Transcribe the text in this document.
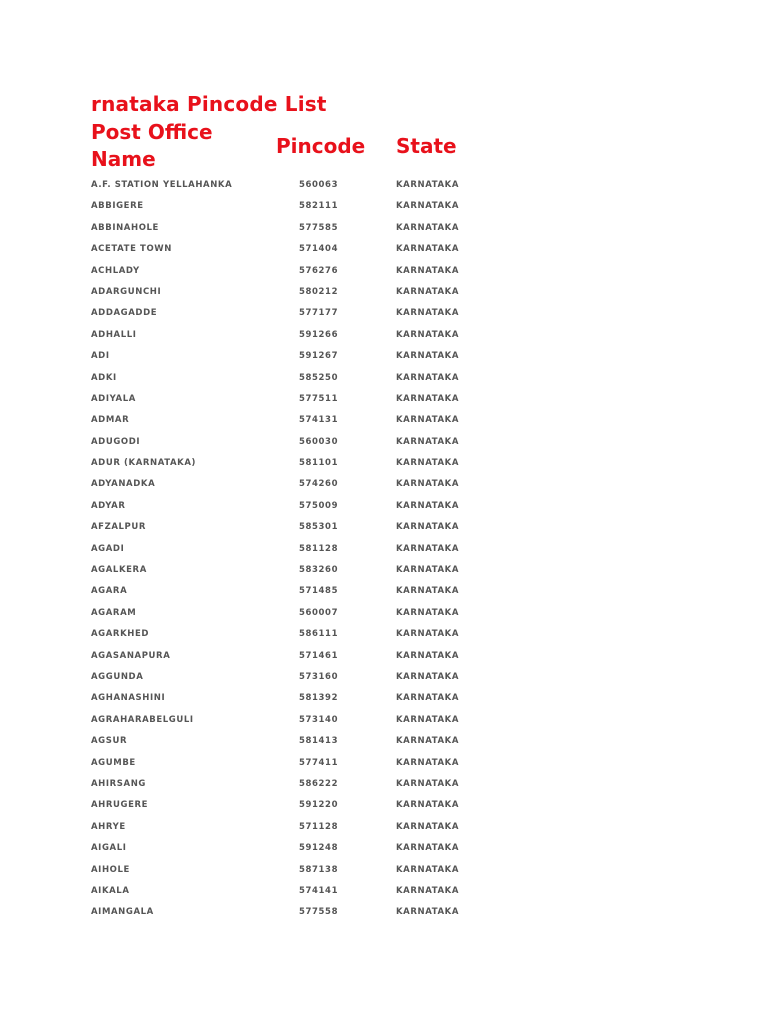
rnataka Pincode List
Post Office Name
Pincode State
A.F. STATION YELLAHANKA	560063	KARNATAKA
ABBIGERE	582111	KARNATAKA
ABBINAHOLE	577585	KARNATAKA
ACETATE TOWN	571404	KARNATAKA
ACHLADY	576276	KARNATAKA
ADARGUNCHI	580212	KARNATAKA
ADDAGADDE	577177	KARNATAKA
ADHALLI	591266	KARNATAKA
ADI	591267	KARNATAKA
ADKI	585250	KARNATAKA
ADIYALA	577511	KARNATAKA
ADMAR	574131	KARNATAKA
ADUGODI	560030	KARNATAKA
ADUR (KARNATAKA)	581101	KARNATAKA
ADYANADKA	574260	KARNATAKA
ADYAR	575009	KARNATAKA
AFZALPUR	585301	KARNATAKA
AGADI	581128	KARNATAKA
AGALKERA	583260	KARNATAKA
AGARA	571485	KARNATAKA
AGARAM	560007	KARNATAKA
AGARKHED	586111	KARNATAKA
AGASANAPURA	571461	KARNATAKA
AGGUNDA	573160	KARNATAKA
AGHANASHINI	581392	KARNATAKA
AGRAHARABELGULI	573140	KARNATAKA
AGSUR	581413	KARNATAKA
AGUMBE	577411	KARNATAKA
AHIRSANG	586222	KARNATAKA
AHRUGERE	591220	KARNATAKA
AHRYE	571128	KARNATAKA
AIGALI	591248	KARNATAKA
AIHOLE	587138	KARNATAKA
AIKALA	574141	KARNATAKA
AIMANGALA	577558	KARNATAKA
